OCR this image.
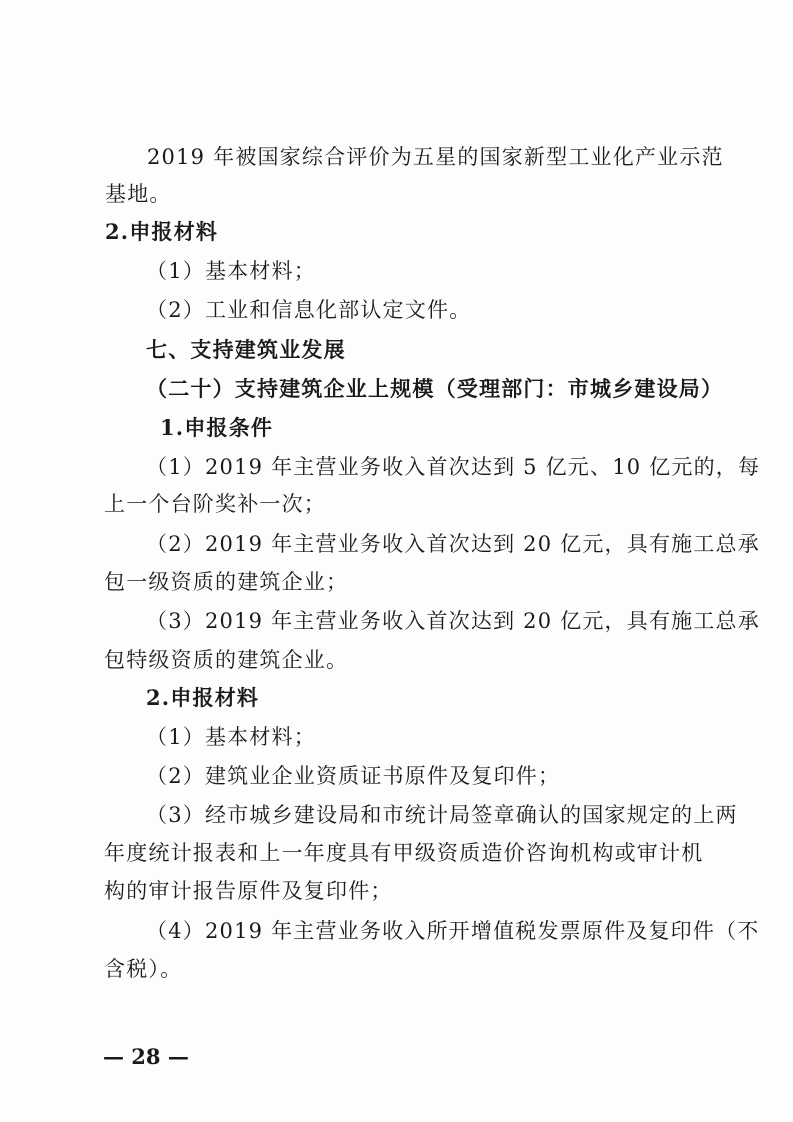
2019 年被国家综合评价为五星的国家新型工业化产业示范
基地。
2.申报材料
（1）基本材料；
（2）工业和信息化部认定文件。
七、支持建筑业发展
（二十）支持建筑企业上规模（受理部门：市城乡建设局）
1.申报条件
（1）2019 年主营业务收入首次达到 5 亿元、10 亿元的，每
上一个台阶奖补一次；
（2）2019 年主营业务收入首次达到 20 亿元，具有施工总承
包一级资质的建筑企业；
（3）2019 年主营业务收入首次达到 20 亿元，具有施工总承
包特级资质的建筑企业。
2.申报材料
（1）基本材料；
（2）建筑业企业资质证书原件及复印件；
（3）经市城乡建设局和市统计局签章确认的国家规定的上两
年度统计报表和上一年度具有甲级资质造价咨询机构或审计机
构的审计报告原件及复印件；
（4）2019 年主营业务收入所开增值税发票原件及复印件（不
含税）。
— 28 —
